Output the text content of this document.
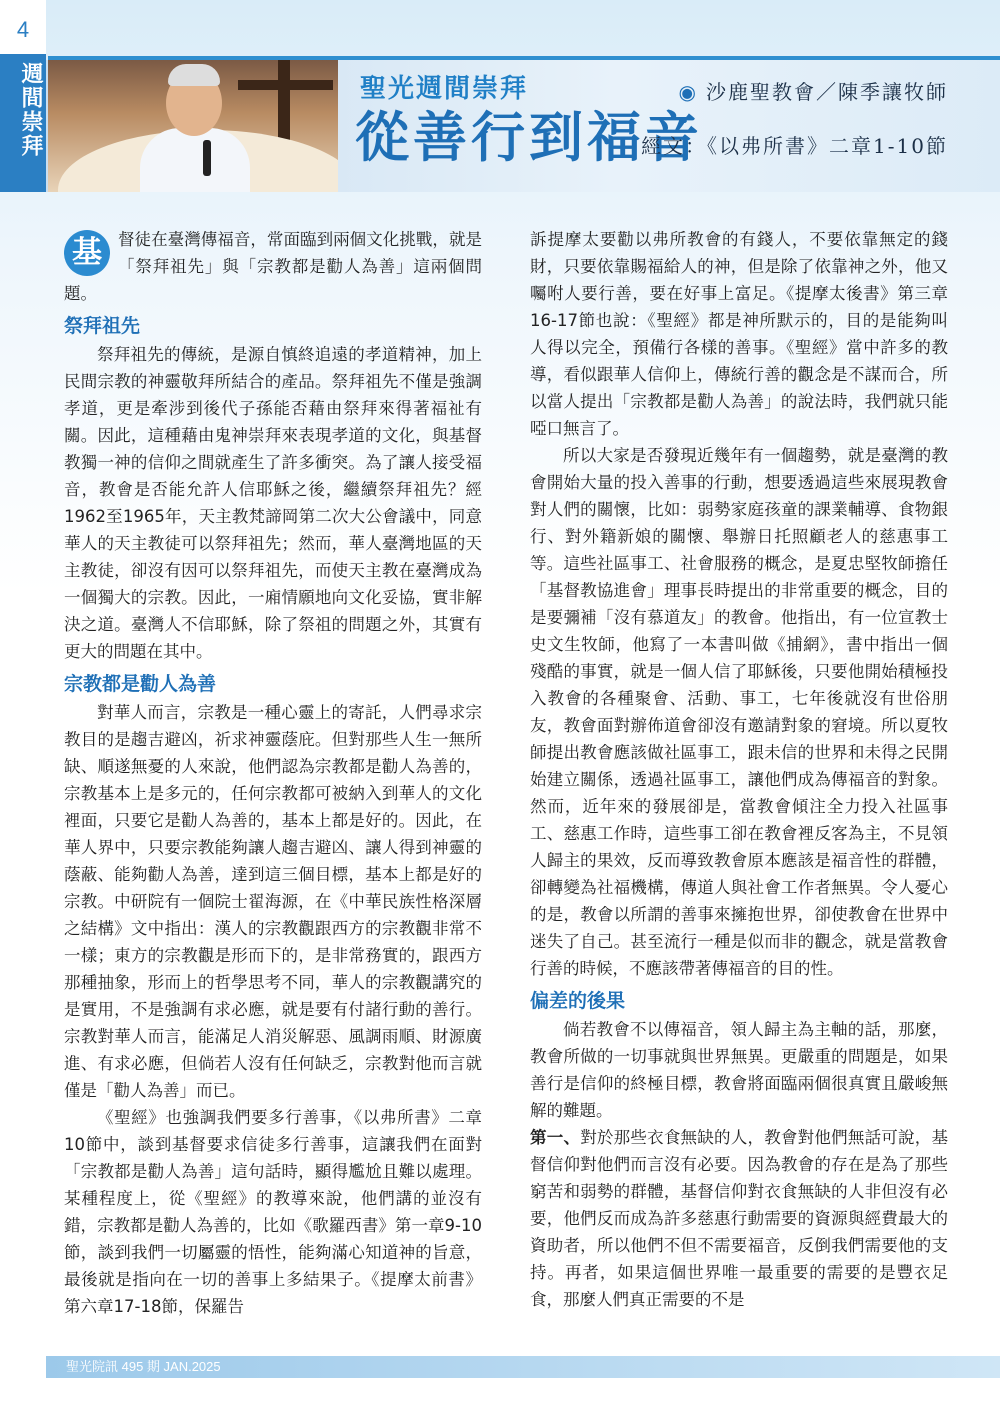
4
週間崇拜	聖光週間崇拜
從善行到福音
◉ 沙鹿聖教會／陳季讓牧師
經文：《以弗所書》二章1-10節

基 督徒在臺灣傳福音，常面臨到兩個文化挑戰，就是「祭拜祖先」與「宗教都是勸人為善」這兩個問題。

祭拜祖先

祭拜祖先的傳統，是源自慎終追遠的孝道精神，加上民間宗教的神靈敬拜所結合的產品。祭拜祖先不僅是強調孝道，更是牽涉到後代子孫能否藉由祭拜來得著福祉有關。因此，這種藉由鬼神崇拜來表現孝道的文化，與基督教獨一神的信仰之間就產生了許多衝突。為了讓人接受福音，教會是否能允許人信耶穌之後，繼續祭拜祖先？經1962至1965年，天主教梵諦岡第二次大公會議中，同意華人的天主教徒可以祭拜祖先；然而，華人臺灣地區的天主教徒，卻沒有因可以祭拜祖先，而使天主教在臺灣成為一個獨大的宗教。因此，一廂情願地向文化妥協，實非解決之道。臺灣人不信耶穌，除了祭祖的問題之外，其實有更大的問題在其中。

宗教都是勸人為善

對華人而言，宗教是一種心靈上的寄託，人們尋求宗教目的是趨吉避凶，祈求神靈蔭庇。但對那些人生一無所缺、順遂無憂的人來說，他們認為宗教都是勸人為善的，宗教基本上是多元的，任何宗教都可被納入到華人的文化裡面，只要它是勸人為善的，基本上都是好的。因此，在華人界中，只要宗教能夠讓人趨吉避凶、讓人得到神靈的蔭蔽、能夠勸人為善，達到這三個目標，基本上都是好的宗教。中研院有一個院士翟海源，在《中華民族性格深層之結構》文中指出：漢人的宗教觀跟西方的宗教觀非常不一樣；東方的宗教觀是形而下的，是非常務實的，跟西方那種抽象，形而上的哲學思考不同，華人的宗教觀講究的是實用，不是強調有求必應，就是要有付諸行動的善行。宗教對華人而言，能滿足人消災解惡、風調雨順、財源廣進、有求必應，但倘若人沒有任何缺乏，宗教對他而言就僅是「勸人為善」而已。

《聖經》也強調我們要多行善事，《以弗所書》二章10節中，談到基督要求信徒多行善事，這讓我們在面對「宗教都是勸人為善」這句話時，顯得尷尬且難以處理。某種程度上，從《聖經》的教導來說，他們講的並沒有錯，宗教都是勸人為善的，比如《歌羅西書》第一章9-10節，談到我們一切屬靈的悟性，能夠滿心知道神的旨意，最後就是指向在一切的善事上多結果子。《提摩太前書》第六章17-18節，保羅告

訴提摩太要勸以弗所教會的有錢人，不要依靠無定的錢財，只要依靠賜福給人的神，但是除了依靠神之外，他又囑咐人要行善，要在好事上富足。《提摩太後書》第三章16-17節也說：《聖經》都是神所默示的，目的是能夠叫人得以完全，預備行各樣的善事。《聖經》當中許多的教導，看似跟華人信仰上，傳統行善的觀念是不謀而合，所以當人提出「宗教都是勸人為善」的說法時，我們就只能啞口無言了。

所以大家是否發現近幾年有一個趨勢，就是臺灣的教會開始大量的投入善事的行動，想要透過這些來展現教會對人們的關懷，比如：弱勢家庭孩童的課業輔導、食物銀行、對外籍新娘的關懷、舉辦日托照顧老人的慈惠事工等。這些社區事工、社會服務的概念，是夏忠堅牧師擔任「基督教協進會」理事長時提出的非常重要的概念，目的是要彌補「沒有慕道友」的教會。他指出，有一位宣教士史文生牧師，他寫了一本書叫做《捕網》，書中指出一個殘酷的事實，就是一個人信了耶穌後，只要他開始積極投入教會的各種聚會、活動、事工，七年後就沒有世俗朋友，教會面對辦佈道會卻沒有邀請對象的窘境。所以夏牧師提出教會應該做社區事工，跟未信的世界和未得之民開始建立關係，透過社區事工，讓他們成為傳福音的對象。然而，近年來的發展卻是，當教會傾注全力投入社區事工、慈惠工作時，這些事工卻在教會裡反客為主，不見領人歸主的果效，反而導致教會原本應該是福音性的群體，卻轉變為社福機構，傳道人與社會工作者無異。令人憂心的是，教會以所謂的善事來擁抱世界，卻使教會在世界中迷失了自己。甚至流行一種是似而非的觀念，就是當教會行善的時候，不應該帶著傳福音的目的性。

偏差的後果

倘若教會不以傳福音，領人歸主為主軸的話，那麼，教會所做的一切事就與世界無異。更嚴重的問題是，如果善行是信仰的終極目標，教會將面臨兩個很真實且嚴峻無解的難題。

第一、對於那些衣食無缺的人，教會對他們無話可說，基督信仰對他們而言沒有必要。因為教會的存在是為了那些窮苦和弱勢的群體，基督信仰對衣食無缺的人非但沒有必要，他們反而成為許多慈惠行動需要的資源與經費最大的資助者，所以他們不但不需要福音，反倒我們需要他的支持。再者，如果這個世界唯一最重要的需要的是豐衣足食，那麼人們真正需要的不是

聖光院訊 495 期 JAN.2025
